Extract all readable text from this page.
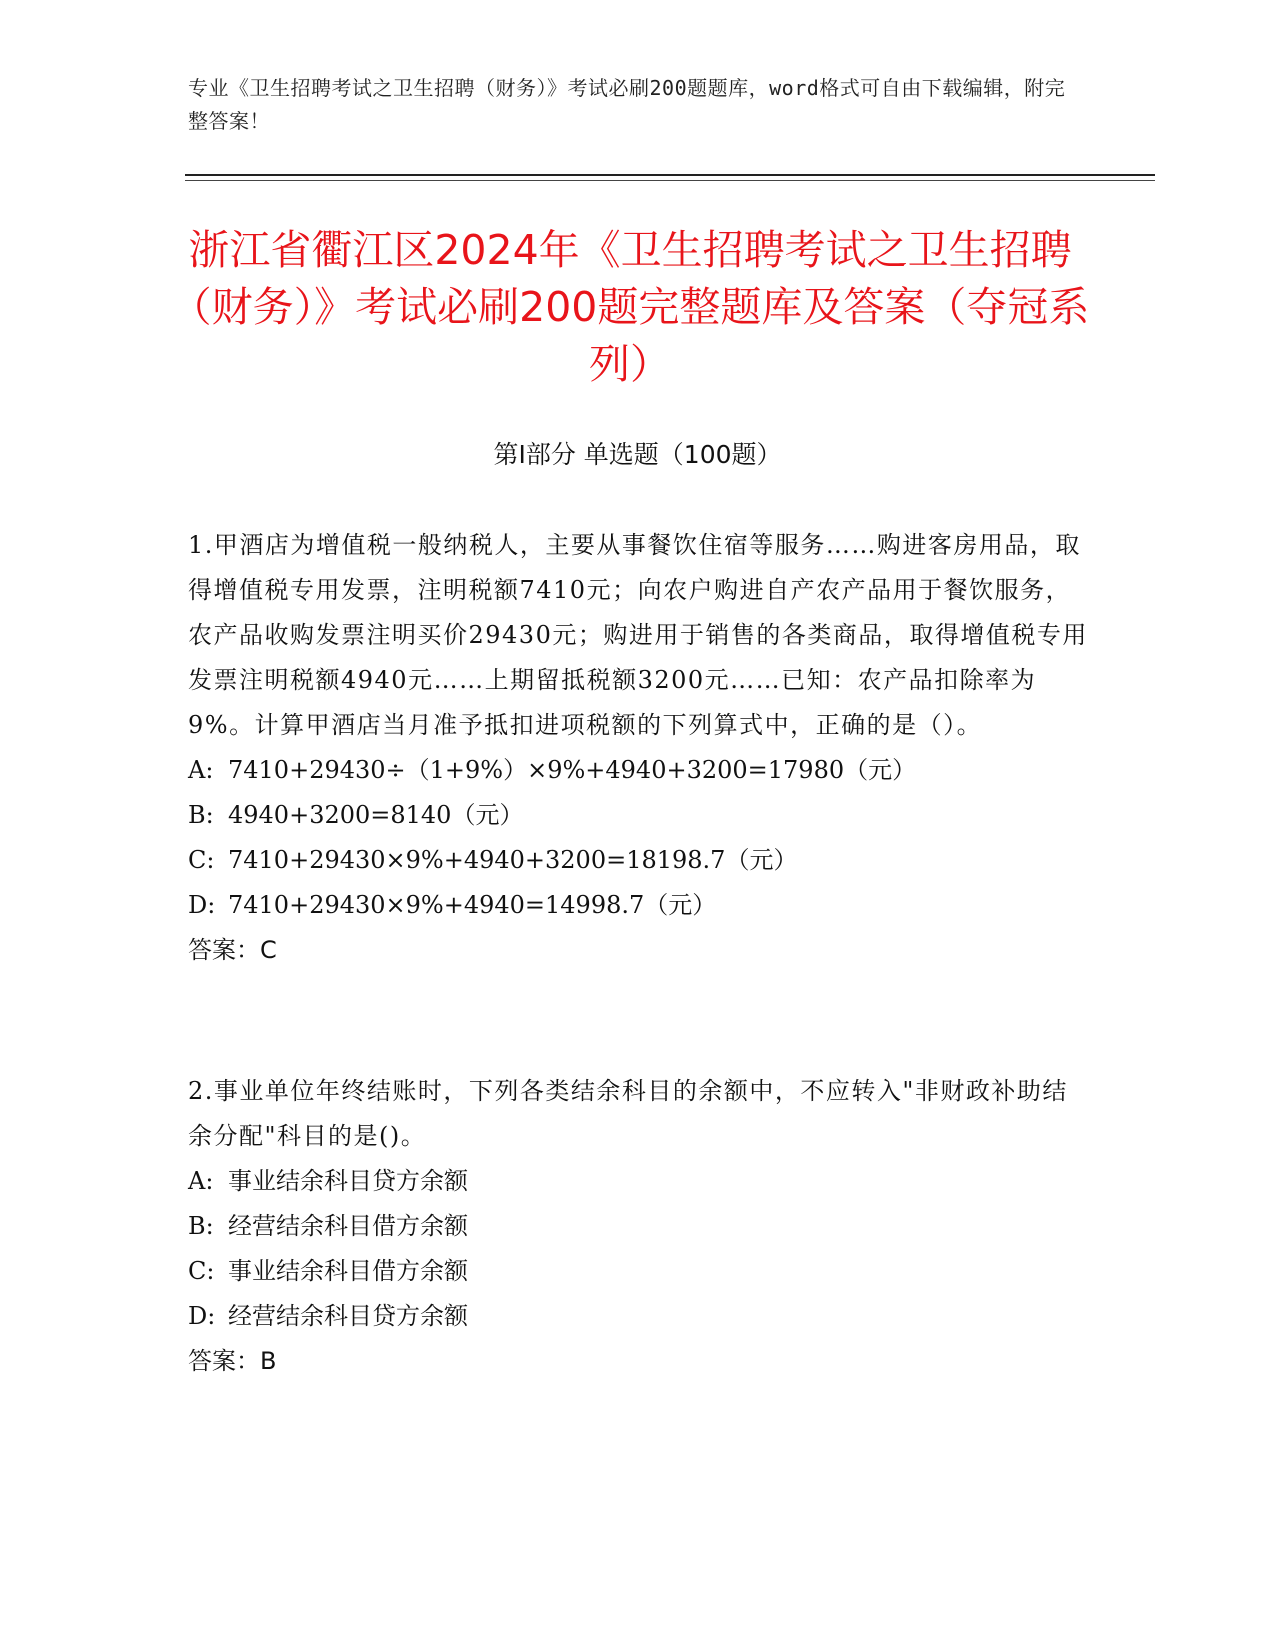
专业《卫生招聘考试之卫生招聘（财务）》考试必刷200题题库，word格式可自由下载编辑，附完整答案！
浙江省衢江区2024年《卫生招聘考试之卫生招聘（财务）》考试必刷200题完整题库及答案（夺冠系列）
第Ⅰ部分 单选题（100题）
1.甲酒店为增值税一般纳税人，主要从事餐饮住宿等服务……购进客房用品，取得增值税专用发票，注明税额7410元；向农户购进自产农产品用于餐饮服务，农产品收购发票注明买价29430元；购进用于销售的各类商品，取得增值税专用发票注明税额4940元……上期留抵税额3200元……已知：农产品扣除率为9%。计算甲酒店当月准予抵扣进项税额的下列算式中，正确的是（）。
A: 7410+29430÷（1+9%）×9%+4940+3200=17980（元）
B: 4940+3200=8140（元）
C: 7410+29430×9%+4940+3200=18198.7（元）
D: 7410+29430×9%+4940=14998.7（元）
答案：C
2.事业单位年终结账时，下列各类结余科目的余额中，不应转入"非财政补助结余分配"科目的是()。
A: 事业结余科目贷方余额
B: 经营结余科目借方余额
C: 事业结余科目借方余额
D: 经营结余科目贷方余额
答案：B
